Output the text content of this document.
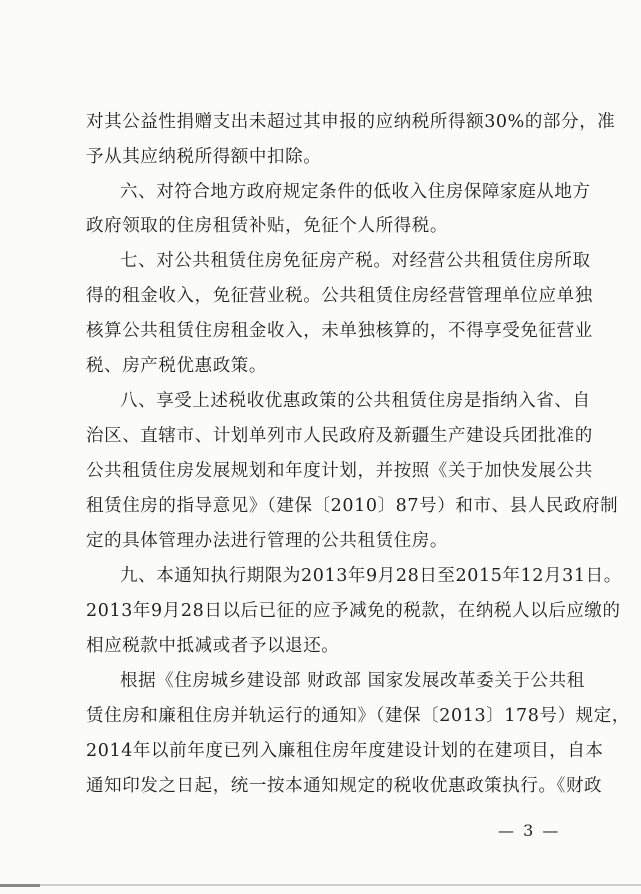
对其公益性捐赠支出未超过其申报的应纳税所得额30%的部分，准
予从其应纳税所得额中扣除。
六、对符合地方政府规定条件的低收入住房保障家庭从地方
政府领取的住房租赁补贴，免征个人所得税。
七、对公共租赁住房免征房产税。对经营公共租赁住房所取
得的租金收入，免征营业税。公共租赁住房经营管理单位应单独
核算公共租赁住房租金收入，未单独核算的，不得享受免征营业
税、房产税优惠政策。
八、享受上述税收优惠政策的公共租赁住房是指纳入省、自
治区、直辖市、计划单列市人民政府及新疆生产建设兵团批准的
公共租赁住房发展规划和年度计划，并按照《关于加快发展公共
租赁住房的指导意见》（建保〔2010〕87号）和市、县人民政府制
定的具体管理办法进行管理的公共租赁住房。
九、本通知执行期限为2013年9月28日至2015年12月31日。
2013年9月28日以后已征的应予减免的税款，在纳税人以后应缴的
相应税款中抵减或者予以退还。
根据《住房城乡建设部 财政部 国家发展改革委关于公共租
赁住房和廉租住房并轨运行的通知》（建保〔2013〕178号）规定，
2014年以前年度已列入廉租住房年度建设计划的在建项目，自本
通知印发之日起，统一按本通知规定的税收优惠政策执行。《财政
— 3 —
